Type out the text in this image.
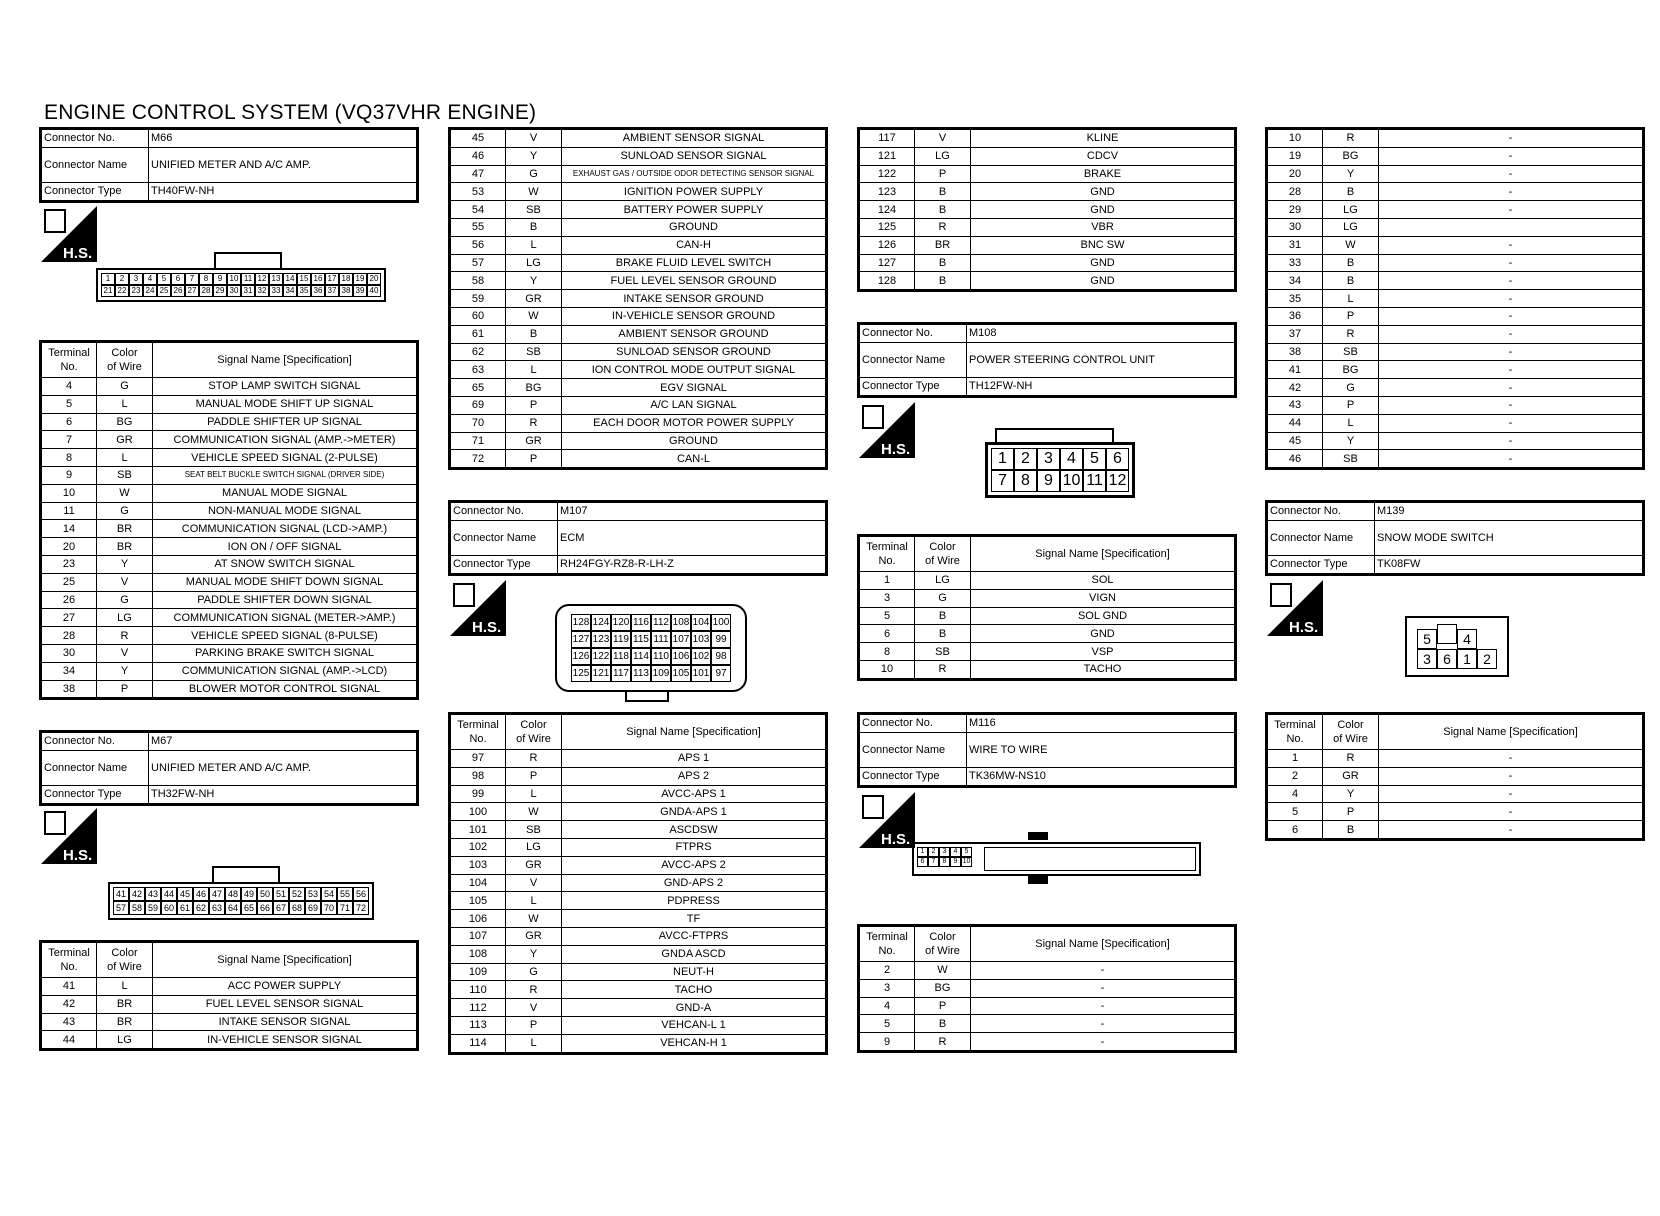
ENGINE CONTROL SYSTEM (VQ37VHR ENGINE)
Connector No.	M66
Connector Name	UNIFIED METER AND A/C AMP.
Connector Type	TH40FW-NH
H.S.
1 2 3 4 5 6 7 8 9 10 11 12 13 14 15 16 17 18 19 20
21 22 23 24 25 26 27 28 29 30 31 32 33 34 35 36 37 38 39 40
Terminal
No.	Color
of Wire	Signal Name [Specification]
4	G	STOP LAMP SWITCH SIGNAL
5	L	MANUAL MODE SHIFT UP SIGNAL
6	BG	PADDLE SHIFTER UP SIGNAL
7	GR	COMMUNICATION SIGNAL (AMP.->METER)
8	L	VEHICLE SPEED SIGNAL (2-PULSE)
9	SB	SEAT BELT BUCKLE SWITCH SIGNAL (DRIVER SIDE)
10	W	MANUAL MODE SIGNAL
11	G	NON-MANUAL MODE SIGNAL
14	BR	COMMUNICATION SIGNAL (LCD->AMP.)
20	BR	ION ON / OFF SIGNAL
23	Y	AT SNOW SWITCH SIGNAL
25	V	MANUAL MODE SHIFT DOWN SIGNAL
26	G	PADDLE SHIFTER DOWN SIGNAL
27	LG	COMMUNICATION SIGNAL (METER->AMP.)
28	R	VEHICLE SPEED SIGNAL (8-PULSE)
30	V	PARKING BRAKE SWITCH SIGNAL
34	Y	COMMUNICATION SIGNAL (AMP.->LCD)
38	P	BLOWER MOTOR CONTROL SIGNAL
Connector No.	M67
Connector Name	UNIFIED METER AND A/C AMP.
Connector Type	TH32FW-NH
H.S.
41 42 43 44 45 46 47 48 49 50 51 52 53 54 55 56
57 58 59 60 61 62 63 64 65 66 67 68 69 70 71 72
Terminal
No.	Color
of Wire	Signal Name [Specification]
41	L	ACC POWER SUPPLY
42	BR	FUEL LEVEL SENSOR SIGNAL
43	BR	INTAKE SENSOR SIGNAL
44	LG	IN-VEHICLE SENSOR SIGNAL
45	V	AMBIENT SENSOR SIGNAL
46	Y	SUNLOAD SENSOR SIGNAL
47	G	EXHAUST GAS / OUTSIDE ODOR DETECTING SENSOR SIGNAL
53	W	IGNITION POWER SUPPLY
54	SB	BATTERY POWER SUPPLY
55	B	GROUND
56	L	CAN-H
57	LG	BRAKE FLUID LEVEL SWITCH
58	Y	FUEL LEVEL SENSOR GROUND
59	GR	INTAKE SENSOR GROUND
60	W	IN-VEHICLE SENSOR GROUND
61	B	AMBIENT SENSOR GROUND
62	SB	SUNLOAD SENSOR GROUND
63	L	ION CONTROL MODE OUTPUT SIGNAL
65	BG	EGV SIGNAL
69	P	A/C LAN SIGNAL
70	R	EACH DOOR MOTOR POWER SUPPLY
71	GR	GROUND
72	P	CAN-L
Connector No.	M107
Connector Name	ECM
Connector Type	RH24FGY-RZ8-R-LH-Z
H.S.	128 124 120 116 112 108 104 100
127 123 119 115 111 107 103 99
126 122 118 114 110 106 102 98
125 121 117 113 109 105 101 97
Terminal
No.	Color
of Wire	Signal Name [Specification]
97	R	APS 1
98	P	APS 2
99	L	AVCC-APS 1
100	W	GNDA-APS 1
101	SB	ASCDSW
102	LG	FTPRS
103	GR	AVCC-APS 2
104	V	GND-APS 2
105	L	PDPRESS
106	W	TF
107	GR	AVCC-FTPRS
108	Y	GNDA ASCD
109	G	NEUT-H
110	R	TACHO
112	V	GND-A
113	P	VEHCAN-L 1
114	L	VEHCAN-H 1
117	V	KLINE
121	LG	CDCV
122	P	BRAKE
123	B	GND
124	B	GND
125	R	VBR
126	BR	BNC SW
127	B	GND
128	B	GND
Connector No.	M108
Connector Name	POWER STEERING CONTROL UNIT
Connector Type	TH12FW-NH
H.S.
1 2 3 4 5 6
7 8 9 10 11 12
Terminal
No.	Color
of Wire	Signal Name [Specification]
1	LG	SOL
3	G	VIGN
5	B	SOL GND
6	B	GND
8	SB	VSP
10	R	TACHO
Connector No.	M116
Connector Name	WIRE TO WIRE
Connector Type	TK36MW-NS10
H.S.
1 2 3 4 5
6 7 8 9 10
Terminal
No.	Color
of Wire	Signal Name [Specification]
2	W	-
3	BG	-
4	P	-
5	B	-
9	R	-
10	R	-
19	BG	-
20	Y	-
28	B	-
29	LG	-
30	LG	
31	W	-
33	B	-
34	B	-
35	L	-
36	P	-
37	R	-
38	SB	-
41	BG	-
42	G	-
43	P	-
44	L	-
45	Y	-
46	SB	-
Connector No.	M139
Connector Name	SNOW MODE SWITCH
Connector Type	TK08FW
H.S.
5 4
3 6 1 2
Terminal
No.	Color
of Wire	Signal Name [Specification]
1	R	-
2	GR	-
4	Y	-
5	P	-
6	B	-
